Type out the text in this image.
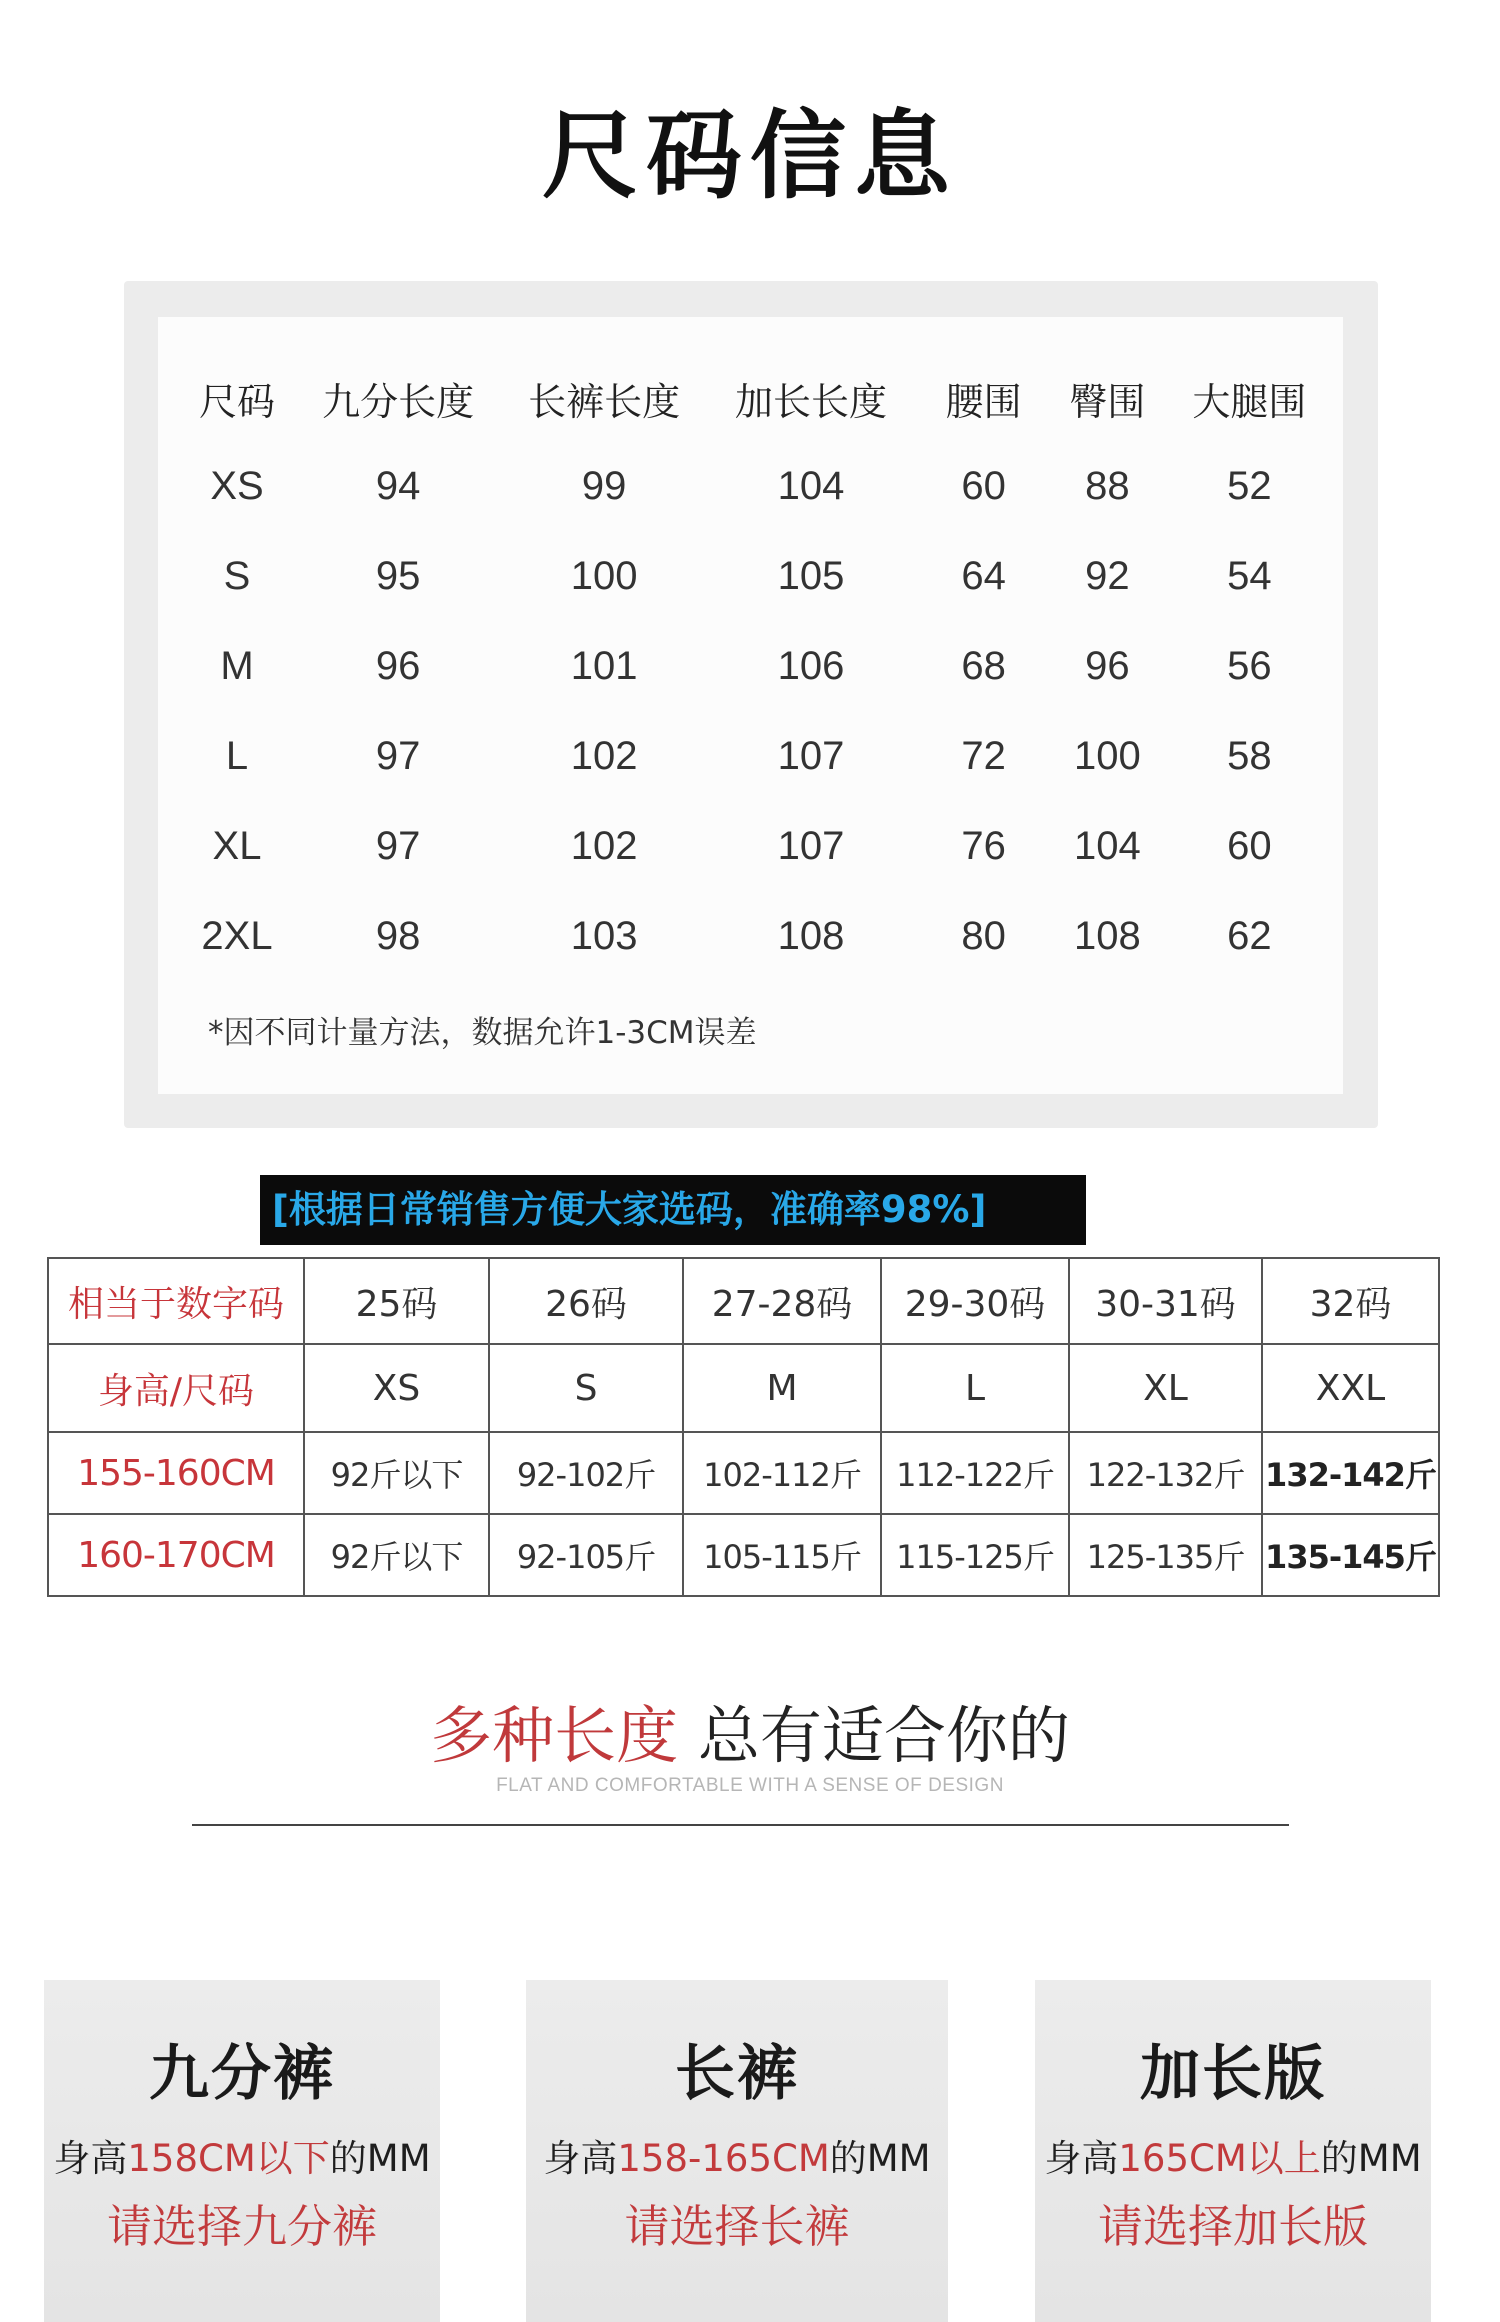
尺码信息
尺码	九分长度	长裤长度	加长长度	腰围	臀围	大腿围
XS	94	99	104	60	88	52
S	95	100	105	64	92	54
M	96	101	106	68	96	56
L	97	102	107	72	100	58
XL	97	102	107	76	104	60
2XL	98	103	108	80	108	62
*因不同计量方法，数据允许1-3CM误差
[根据日常销售方便大家选码，准确率98%]
相当于数字码	25码	26码	27-28码	29-30码	30-31码	32码
身高/尺码	XS	S	M	L	XL	XXL
155-160CM	92斤以下	92-102斤	102-112斤	112-122斤	122-132斤	132-142斤
160-170CM	92斤以下	92-105斤	105-115斤	115-125斤	125-135斤	135-145斤
多种长度 总有适合你的
FLAT AND COMFORTABLE WITH A SENSE OF DESIGN
九分裤
身高158CM以下的MM
请选择九分裤
长裤
身高158-165CM的MM
请选择长裤
加长版
身高165CM以上的MM
请选择加长版
